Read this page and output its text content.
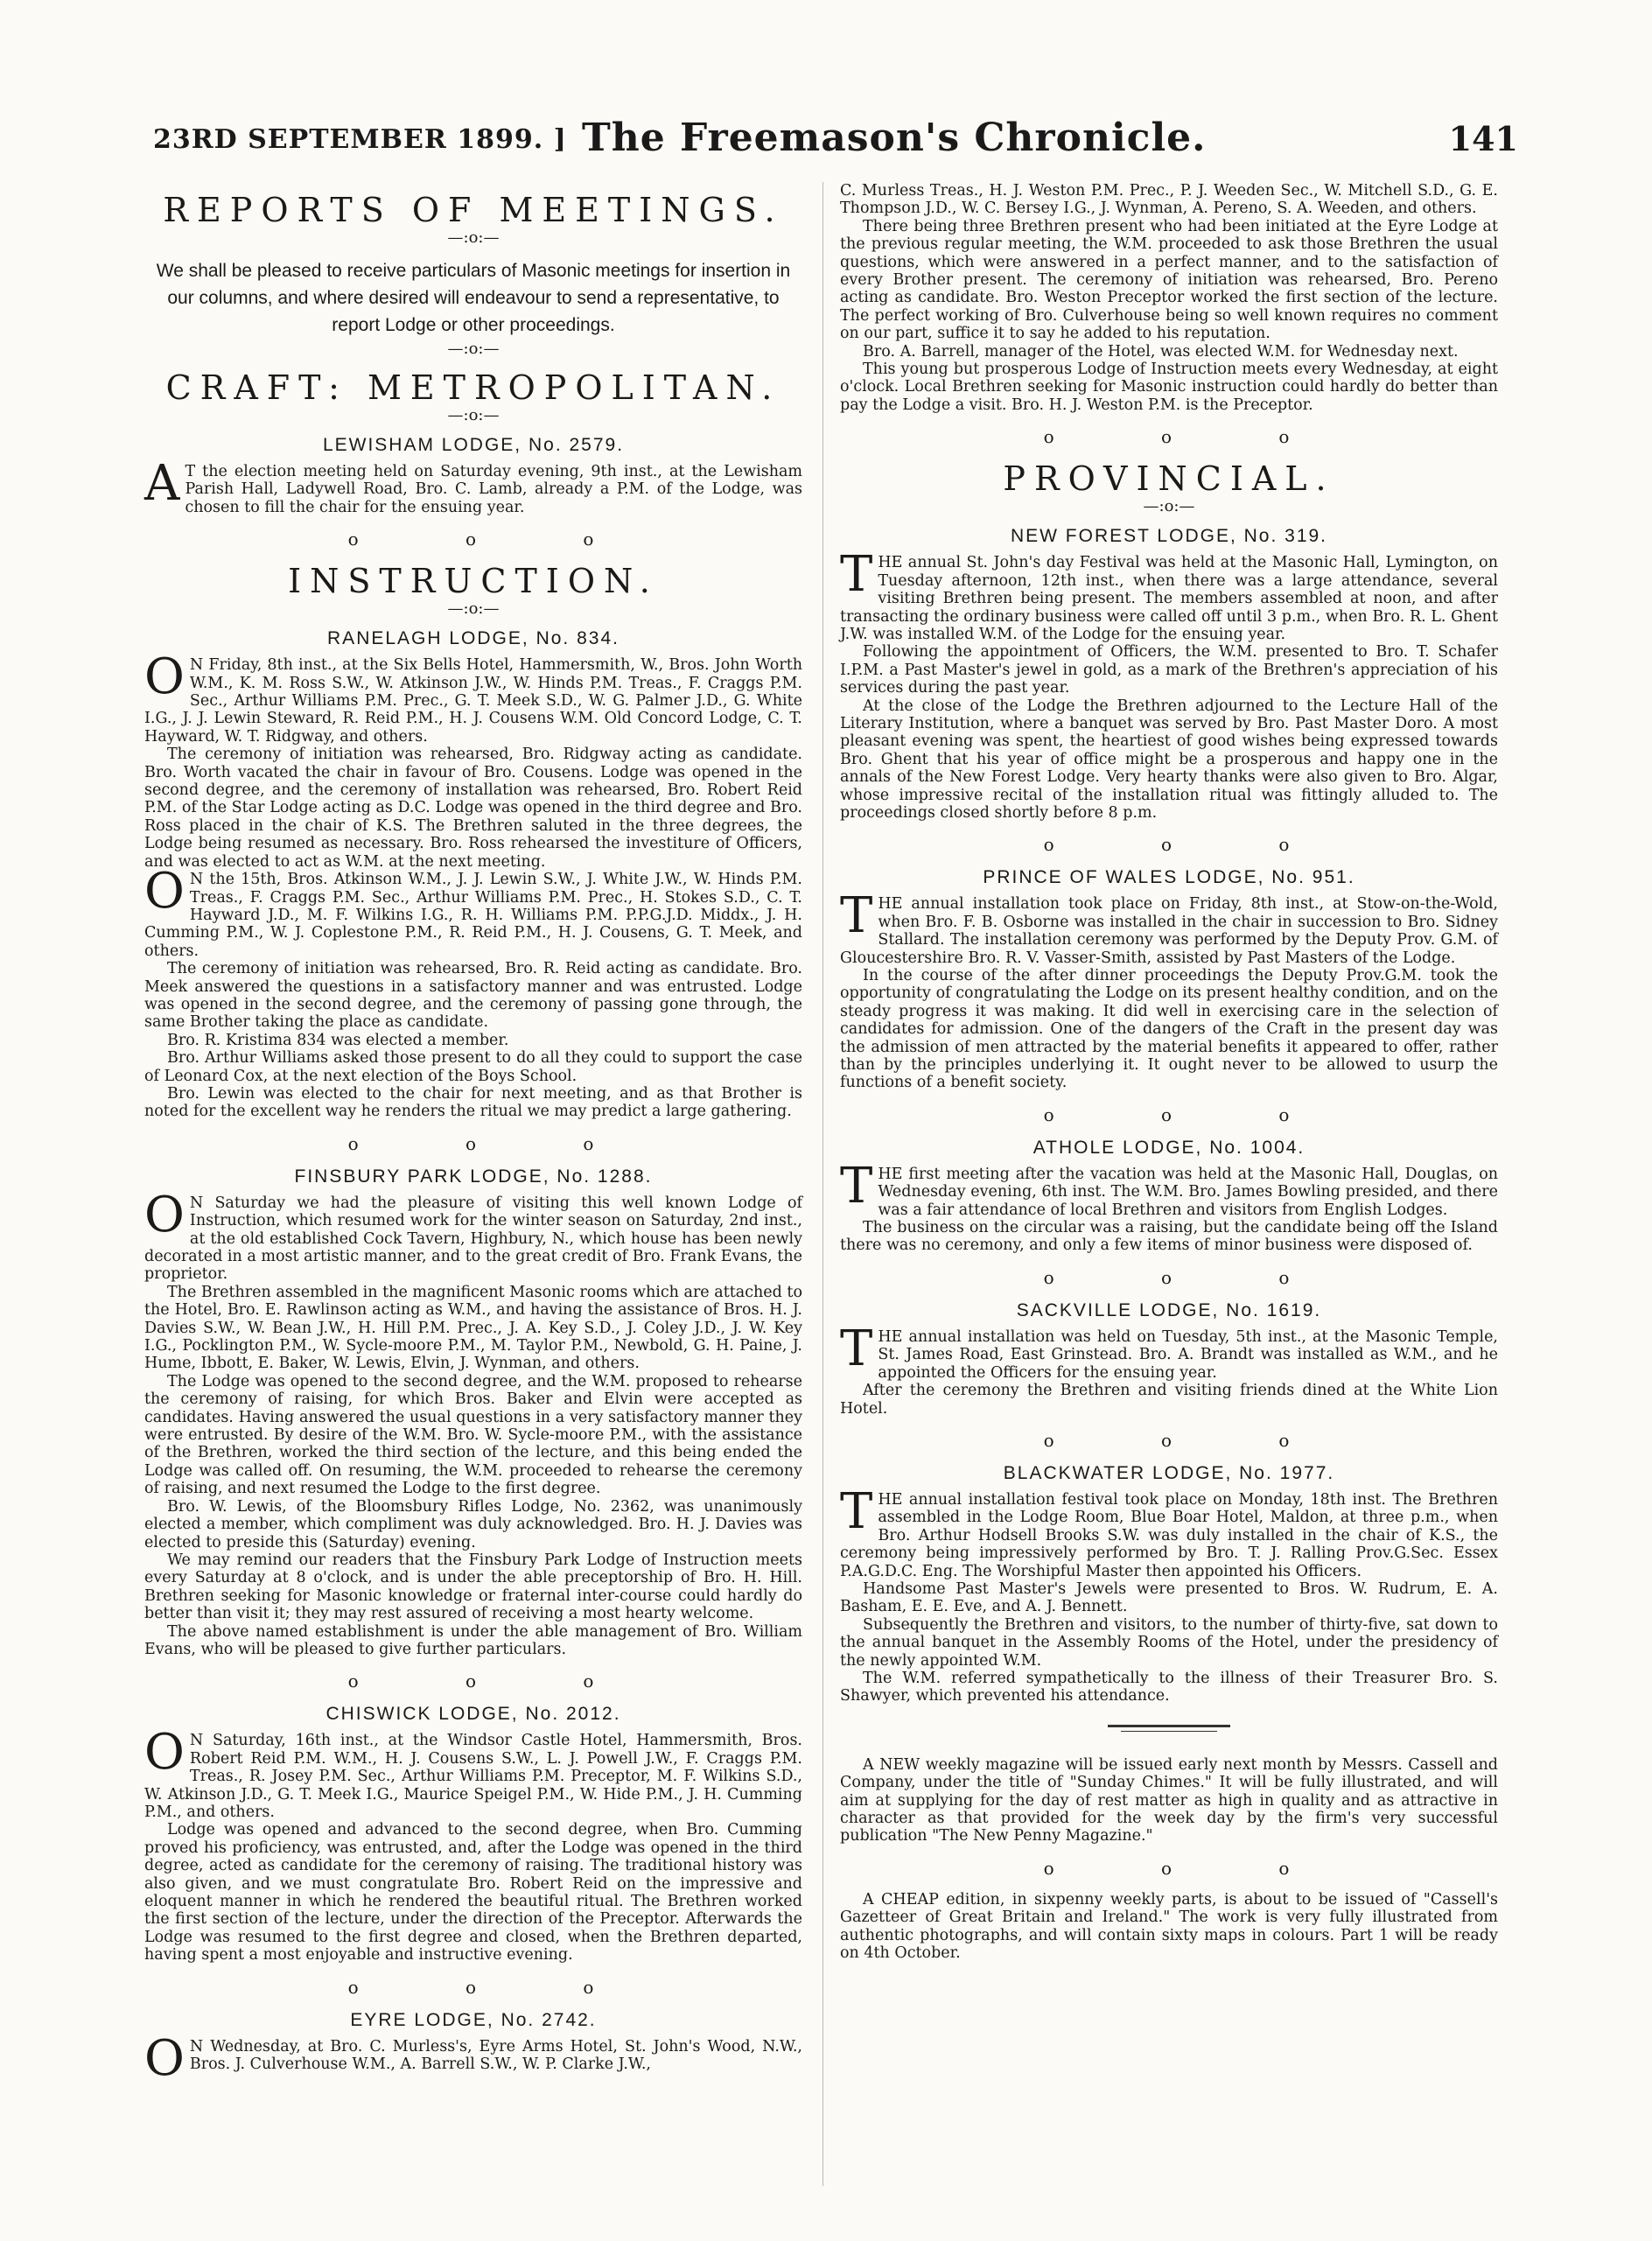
23RD SEPTEMBER 1899. ] The Freemason's Chronicle.	141
REPORTS OF MEETINGS.
—:o:—
We shall be pleased to receive particulars of Masonic meetings for insertion in our columns, and where desired will endeavour to send a representative, to report Lodge or other proceedings.
—:o:—
CRAFT: METROPOLITAN.
—:o:—
LEWISHAM LODGE, No. 2579.

A T the election meeting held on Saturday evening, 9th inst., at the Lewisham Parish Hall, Ladywell Road, Bro. C. Lamb, already a P.M. of the Lodge, was chosen to fill the chair for the ensuing year.

o o o
INSTRUCTION.
—:o:—
RANELAGH LODGE, No. 834.

O N Friday, 8th inst., at the Six Bells Hotel, Hammersmith, W., Bros. John Worth W.M., K. M. Ross S.W., W. Atkinson J.W., W. Hinds P.M. Treas., F. Craggs P.M. Sec., Arthur Williams P.M. Prec., G. T. Meek S.D., W. G. Palmer J.D., G. White I.G., J. J. Lewin Steward, R. Reid P.M., H. J. Cousens W.M. Old Concord Lodge, C. T. Hayward, W. T. Ridgway, and others.

The ceremony of initiation was rehearsed, Bro. Ridgway acting as candidate. Bro. Worth vacated the chair in favour of Bro. Cousens. Lodge was opened in the second degree, and the ceremony of installation was rehearsed, Bro. Robert Reid P.M. of the Star Lodge acting as D.C. Lodge was opened in the third degree and Bro. Ross placed in the chair of K.S. The Brethren saluted in the three degrees, the Lodge being resumed as necessary. Bro. Ross rehearsed the investiture of Officers, and was elected to act as W.M. at the next meeting.

O N the 15th, Bros. Atkinson W.M., J. J. Lewin S.W., J. White J.W., W. Hinds P.M. Treas., F. Craggs P.M. Sec., Arthur Williams P.M. Prec., H. Stokes S.D., C. T. Hayward J.D., M. F. Wilkins I.G., R. H. Williams P.M. P.P.G.J.D. Middx., J. H. Cumming P.M., W. J. Coplestone P.M., R. Reid P.M., H. J. Cousens, G. T. Meek, and others.

The ceremony of initiation was rehearsed, Bro. R. Reid acting as candidate. Bro. Meek answered the questions in a satisfactory manner and was entrusted. Lodge was opened in the second degree, and the ceremony of passing gone through, the same Brother taking the place as candidate.

Bro. R. Kristima 834 was elected a member.

Bro. Arthur Williams asked those present to do all they could to support the case of Leonard Cox, at the next election of the Boys School.

Bro. Lewin was elected to the chair for next meeting, and as that Brother is noted for the excellent way he renders the ritual we may predict a large gathering.

o o o
FINSBURY PARK LODGE, No. 1288.

O N Saturday we had the pleasure of visiting this well known Lodge of Instruction, which resumed work for the winter season on Saturday, 2nd inst., at the old established Cock Tavern, Highbury, N., which house has been newly decorated in a most artistic manner, and to the great credit of Bro. Frank Evans, the proprietor.

The Brethren assembled in the magnificent Masonic rooms which are attached to the Hotel, Bro. E. Rawlinson acting as W.M., and having the assistance of Bros. H. J. Davies S.W., W. Bean J.W., H. Hill P.M. Prec., J. A. Key S.D., J. Coley J.D., J. W. Key I.G., Pocklington P.M., W. Sycle-moore P.M., M. Taylor P.M., Newbold, G. H. Paine, J. Hume, Ibbott, E. Baker, W. Lewis, Elvin, J. Wynman, and others.

The Lodge was opened to the second degree, and the W.M. proposed to rehearse the ceremony of raising, for which Bros. Baker and Elvin were accepted as candidates. Having answered the usual questions in a very satisfactory manner they were entrusted. By desire of the W.M. Bro. W. Sycle-moore P.M., with the assistance of the Brethren, worked the third section of the lecture, and this being ended the Lodge was called off. On resuming, the W.M. proceeded to rehearse the ceremony of raising, and next resumed the Lodge to the first degree.

Bro. W. Lewis, of the Bloomsbury Rifles Lodge, No. 2362, was unanimously elected a member, which compliment was duly acknowledged. Bro. H. J. Davies was elected to preside this (Saturday) evening.

We may remind our readers that the Finsbury Park Lodge of Instruction meets every Saturday at 8 o'clock, and is under the able preceptorship of Bro. H. Hill. Brethren seeking for Masonic knowledge or fraternal inter-course could hardly do better than visit it; they may rest assured of receiving a most hearty welcome.

The above named establishment is under the able management of Bro. William Evans, who will be pleased to give further particulars.

o o o
CHISWICK LODGE, No. 2012.

O N Saturday, 16th inst., at the Windsor Castle Hotel, Hammersmith, Bros. Robert Reid P.M. W.M., H. J. Cousens S.W., L. J. Powell J.W., F. Craggs P.M. Treas., R. Josey P.M. Sec., Arthur Williams P.M. Preceptor, M. F. Wilkins S.D., W. Atkinson J.D., G. T. Meek I.G., Maurice Speigel P.M., W. Hide P.M., J. H. Cumming P.M., and others.

Lodge was opened and advanced to the second degree, when Bro. Cumming proved his proficiency, was entrusted, and, after the Lodge was opened in the third degree, acted as candidate for the ceremony of raising. The traditional history was also given, and we must congratulate Bro. Robert Reid on the impressive and eloquent manner in which he rendered the beautiful ritual. The Brethren worked the first section of the lecture, under the direction of the Preceptor. Afterwards the Lodge was resumed to the first degree and closed, when the Brethren departed, having spent a most enjoyable and instructive evening.

o o o
EYRE LODGE, No. 2742.

O N Wednesday, at Bro. C. Murless's, Eyre Arms Hotel, St. John's Wood, N.W., Bros. J. Culverhouse W.M., A. Barrell S.W., W. P. Clarke J.W.,

C. Murless Treas., H. J. Weston P.M. Prec., P. J. Weeden Sec., W. Mitchell S.D., G. E. Thompson J.D., W. C. Bersey I.G., J. Wynman, A. Pereno, S. A. Weeden, and others.

There being three Brethren present who had been initiated at the Eyre Lodge at the previous regular meeting, the W.M. proceeded to ask those Brethren the usual questions, which were answered in a perfect manner, and to the satisfaction of every Brother present. The ceremony of initiation was rehearsed, Bro. Pereno acting as candidate. Bro. Weston Preceptor worked the first section of the lecture. The perfect working of Bro. Culverhouse being so well known requires no comment on our part, suffice it to say he added to his reputation.

Bro. A. Barrell, manager of the Hotel, was elected W.M. for Wednesday next.

This young but prosperous Lodge of Instruction meets every Wednesday, at eight o'clock. Local Brethren seeking for Masonic instruction could hardly do better than pay the Lodge a visit. Bro. H. J. Weston P.M. is the Preceptor.

o o o
PROVINCIAL.
—:o:—
NEW FOREST LODGE, No. 319.

THE annual St. John's day Festival was held at the Masonic Hall, Lymington, on Tuesday afternoon, 12th inst., when there was a large attendance, several visiting Brethren being present. The members assembled at noon, and after transacting the ordinary business were called off until 3 p.m., when Bro. R. L. Ghent J.W. was installed W.M. of the Lodge for the ensuing year.

Following the appointment of Officers, the W.M. presented to Bro. T. Schafer I.P.M. a Past Master's jewel in gold, as a mark of the Brethren's appreciation of his services during the past year.

At the close of the Lodge the Brethren adjourned to the Lecture Hall of the Literary Institution, where a banquet was served by Bro. Past Master Doro. A most pleasant evening was spent, the heartiest of good wishes being expressed towards Bro. Ghent that his year of office might be a prosperous and happy one in the annals of the New Forest Lodge. Very hearty thanks were also given to Bro. Algar, whose impressive recital of the installation ritual was fittingly alluded to. The proceedings closed shortly before 8 p.m.

o o o
PRINCE OF WALES LODGE, No. 951.

THE annual installation took place on Friday, 8th inst., at Stow-on-the-Wold, when Bro. F. B. Osborne was installed in the chair in succession to Bro. Sidney Stallard. The installation ceremony was performed by the Deputy Prov. G.M. of Gloucestershire Bro. R. V. Vasser-Smith, assisted by Past Masters of the Lodge.

In the course of the after dinner proceedings the Deputy Prov.G.M. took the opportunity of congratulating the Lodge on its present healthy condition, and on the steady progress it was making. It did well in exercising care in the selection of candidates for admission. One of the dangers of the Craft in the present day was the admission of men attracted by the material benefits it appeared to offer, rather than by the principles underlying it. It ought never to be allowed to usurp the functions of a benefit society.

o o o
ATHOLE LODGE, No. 1004.

THE first meeting after the vacation was held at the Masonic Hall, Douglas, on Wednesday evening, 6th inst. The W.M. Bro. James Bowling presided, and there was a fair attendance of local Brethren and visitors from English Lodges.

The business on the circular was a raising, but the candidate being off the Island there was no ceremony, and only a few items of minor business were disposed of.

o o o
SACKVILLE LODGE, No. 1619.

THE annual installation was held on Tuesday, 5th inst., at the Masonic Temple, St. James Road, East Grinstead. Bro. A. Brandt was installed as W.M., and he appointed the Officers for the ensuing year.

After the ceremony the Brethren and visiting friends dined at the White Lion Hotel.

o o o
BLACKWATER LODGE, No. 1977.

THE annual installation festival took place on Monday, 18th inst. The Brethren assembled in the Lodge Room, Blue Boar Hotel, Maldon, at three p.m., when Bro. Arthur Hodsell Brooks S.W. was duly installed in the chair of K.S., the ceremony being impressively performed by Bro. T. J. Ralling Prov.G.Sec. Essex P.A.G.D.C. Eng. The Worshipful Master then appointed his Officers.

Handsome Past Master's Jewels were presented to Bros. W. Rudrum, E. A. Basham, E. E. Eve, and A. J. Bennett.

Subsequently the Brethren and visitors, to the number of thirty-five, sat down to the annual banquet in the Assembly Rooms of the Hotel, under the presidency of the newly appointed W.M.

The W.M. referred sympathetically to the illness of their Treasurer Bro. S. Shawyer, which prevented his attendance.

A NEW weekly magazine will be issued early next month by Messrs. Cassell and Company, under the title of "Sunday Chimes." It will be fully illustrated, and will aim at supplying for the day of rest matter as high in quality and as attractive in character as that provided for the week day by the firm's very successful publication "The New Penny Magazine."

o o o

A CHEAP edition, in sixpenny weekly parts, is about to be issued of "Cassell's Gazetteer of Great Britain and Ireland." The work is very fully illustrated from authentic photographs, and will contain sixty maps in colours. Part 1 will be ready on 4th October.
